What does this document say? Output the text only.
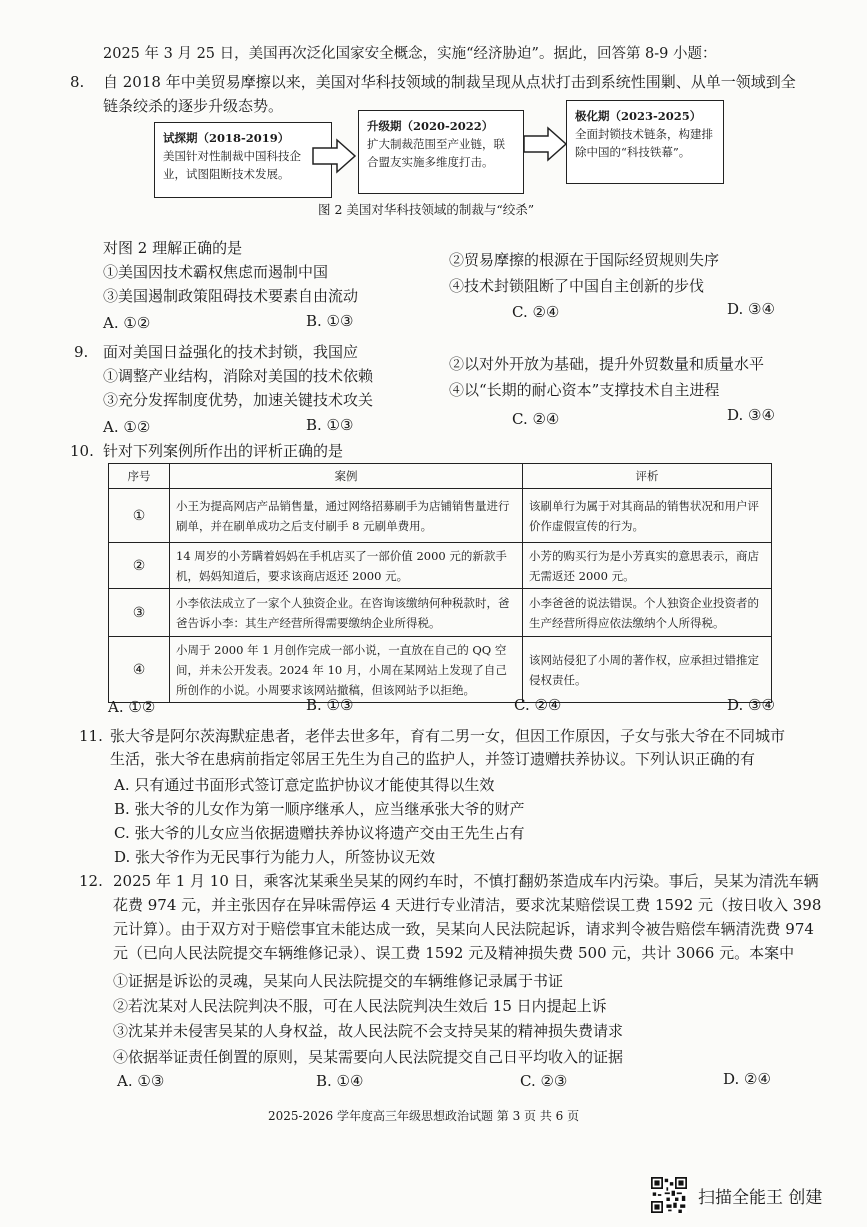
2025 年 3 月 25 日，美国再次泛化国家安全概念，实施“经济胁迫”。据此，回答第 8-9 小题：
8. 自 2018 年中美贸易摩擦以来，美国对华科技领域的制裁呈现从点状打击到系统性围剿、从单一领域到全
链条绞杀的逐步升级态势。
试探期（2018-2019）
美国针对性制裁中国科技企业，试图阻断技术发展。
升级期（2020-2022）
扩大制裁范围至产业链，联合盟友实施多维度打击。
极化期（2023-2025）
全面封锁技术链条，构建排除中国的“科技铁幕”。
图 2 美国对华科技领域的制裁与“绞杀”
对图 2 理解正确的是
①美国因技术霸权焦虑而遏制中国
②贸易摩擦的根源在于国际经贸规则失序
③美国遏制政策阻碍技术要素自由流动
④技术封锁阻断了中国自主创新的步伐
A. ①②	B. ①③	C. ②④	D. ③④
9. 面对美国日益强化的技术封锁，我国应
①调整产业结构，消除对美国的技术依赖
②以对外开放为基础，提升外贸数量和质量水平
③充分发挥制度优势，加速关键技术攻关
④以“长期的耐心资本”支撑技术自主进程
A. ①②	B. ①③	C. ②④	D. ③④
10. 针对下列案例所作出的评析正确的是
序号	案例	评析
①	小王为提高网店产品销售量，通过网络招募刷手为店铺销售量进行刷单，并在刷单成功之后支付刷手 8 元刷单费用。	该刷单行为属于对其商品的销售状况和用户评价作虚假宣传的行为。
②	14 周岁的小芳瞒着妈妈在手机店买了一部价值 2000 元的新款手机，妈妈知道后，要求该商店返还 2000 元。	小芳的购买行为是小芳真实的意思表示，商店无需返还 2000 元。
③	小李依法成立了一家个人独资企业。在咨询该缴纳何种税款时，爸爸告诉小李：其生产经营所得需要缴纳企业所得税。	小李爸爸的说法错误。个人独资企业投资者的生产经营所得应依法缴纳个人所得税。
④	小周于 2000 年 1 月创作完成一部小说，一直放在自己的 QQ 空间，并未公开发表。2024 年 10 月，小周在某网站上发现了自己所创作的小说。小周要求该网站撤稿，但该网站予以拒绝。	该网站侵犯了小周的著作权，应承担过错推定侵权责任。
A. ①②	B. ①③	C. ②④	D. ③④
11. 张大爷是阿尔茨海默症患者，老伴去世多年，育有二男一女，但因工作原因，子女与张大爷在不同城市
生活，张大爷在患病前指定邻居王先生为自己的监护人，并签订遗赠扶养协议。下列认识正确的有
A. 只有通过书面形式签订意定监护协议才能使其得以生效
B. 张大爷的儿女作为第一顺序继承人，应当继承张大爷的财产
C. 张大爷的儿女应当依据遗赠扶养协议将遗产交由王先生占有
D. 张大爷作为无民事行为能力人，所签协议无效
12. 2025 年 1 月 10 日，乘客沈某乘坐吴某的网约车时，不慎打翻奶茶造成车内污染。事后，吴某为清洗车辆
花费 974 元，并主张因存在异味需停运 4 天进行专业清洁，要求沈某赔偿误工费 1592 元（按日收入 398
元计算）。由于双方对于赔偿事宜未能达成一致，吴某向人民法院起诉，请求判令被告赔偿车辆清洗费 974
元（已向人民法院提交车辆维修记录）、误工费 1592 元及精神损失费 500 元，共计 3066 元。本案中
①证据是诉讼的灵魂，吴某向人民法院提交的车辆维修记录属于书证
②若沈某对人民法院判决不服，可在人民法院判决生效后 15 日内提起上诉
③沈某并未侵害吴某的人身权益，故人民法院不会支持吴某的精神损失费请求
④依据举证责任倒置的原则，吴某需要向人民法院提交自己日平均收入的证据
A. ①③	B. ①④	C. ②③	D. ②④
2025-2026 学年度高三年级思想政治试题 第 3 页 共 6 页
扫描全能王 创建
